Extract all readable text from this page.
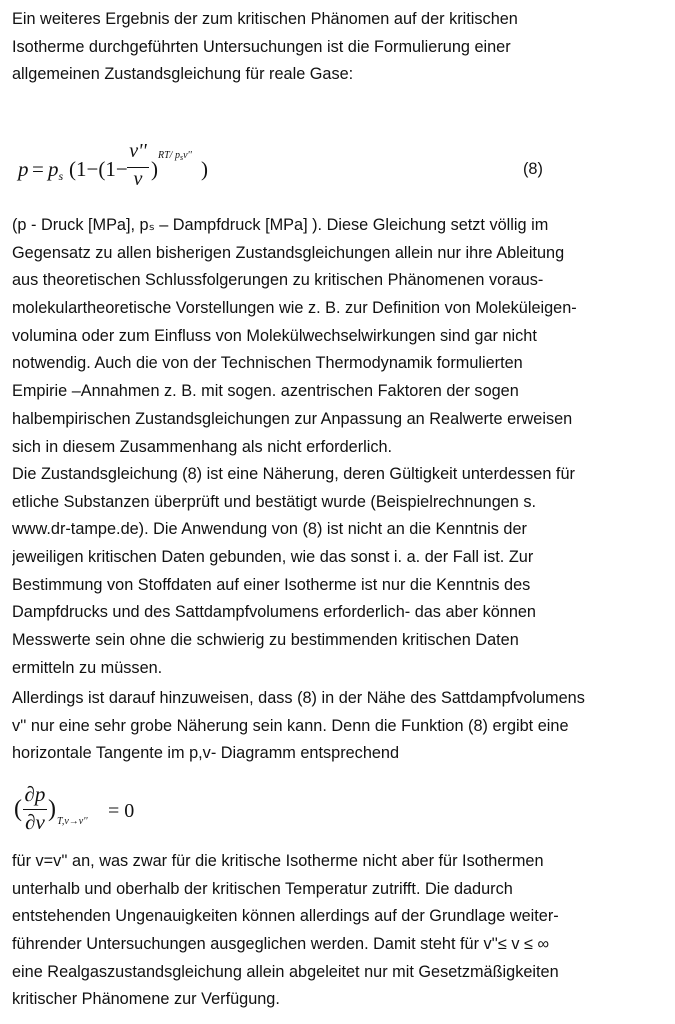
Ein weiteres Ergebnis der zum kritischen Phänomen auf der kritischen
Isotherme durchgeführten Untersuchungen ist die Formulierung einer
allgemeinen Zustandsgleichung für reale Gase:
p = ps (1−(1−
v''
v )
RT/ $p_sv''$
)	(8)
(p - Druck [MPa], pₛ – Dampfdruck [MPa] ). Diese Gleichung setzt völlig im
Gegensatz zu allen bisherigen Zustandsgleichungen allein nur ihre Ableitung
aus theoretischen Schlussfolgerungen zu kritischen Phänomenen voraus-
molekulartheoretische Vorstellungen wie z. B. zur Definition von Moleküleigen-
volumina oder zum Einfluss von Molekülwechselwirkungen sind gar nicht
notwendig. Auch die von der Technischen Thermodynamik formulierten
Empirie –Annahmen z. B. mit sogen. azentrischen Faktoren der sogen
halbempirischen Zustandsgleichungen zur Anpassung an Realwerte erweisen
sich in diesem Zusammenhang als nicht erforderlich.
Die Zustandsgleichung (8) ist eine Näherung, deren Gültigkeit unterdessen für
etliche Substanzen überprüft und bestätigt wurde (Beispielrechnungen s.
www.dr-tampe.de). Die Anwendung von (8) ist nicht an die Kenntnis der
jeweiligen kritischen Daten gebunden, wie das sonst i. a. der Fall ist. Zur
Bestimmung von Stoffdaten auf einer Isotherme ist nur die Kenntnis des
Dampfdrucks und des Sattdampfvolumens erforderlich- das aber können
Messwerte sein ohne die schwierig zu bestimmenden kritischen Daten
ermitteln zu müssen.
Allerdings ist darauf hinzuweisen, dass (8) in der Nähe des Sattdampfvolumens
v'' nur eine sehr grobe Näherung sein kann. Denn die Funktion (8) ergibt eine
horizontale Tangente im p,v- Diagramm entsprechend
(
∂p
∂v ) T,v→v'' = 0
für v=v'' an, was zwar für die kritische Isotherme nicht aber für Isothermen
unterhalb und oberhalb der kritischen Temperatur zutrifft. Die dadurch
entstehenden Ungenauigkeiten können allerdings auf der Grundlage weiter-
führender Untersuchungen ausgeglichen werden. Damit steht für v''≤ v ≤ ∞
eine Realgaszustandsgleichung allein abgeleitet nur mit Gesetzmäßigkeiten
kritischer Phänomene zur Verfügung.
